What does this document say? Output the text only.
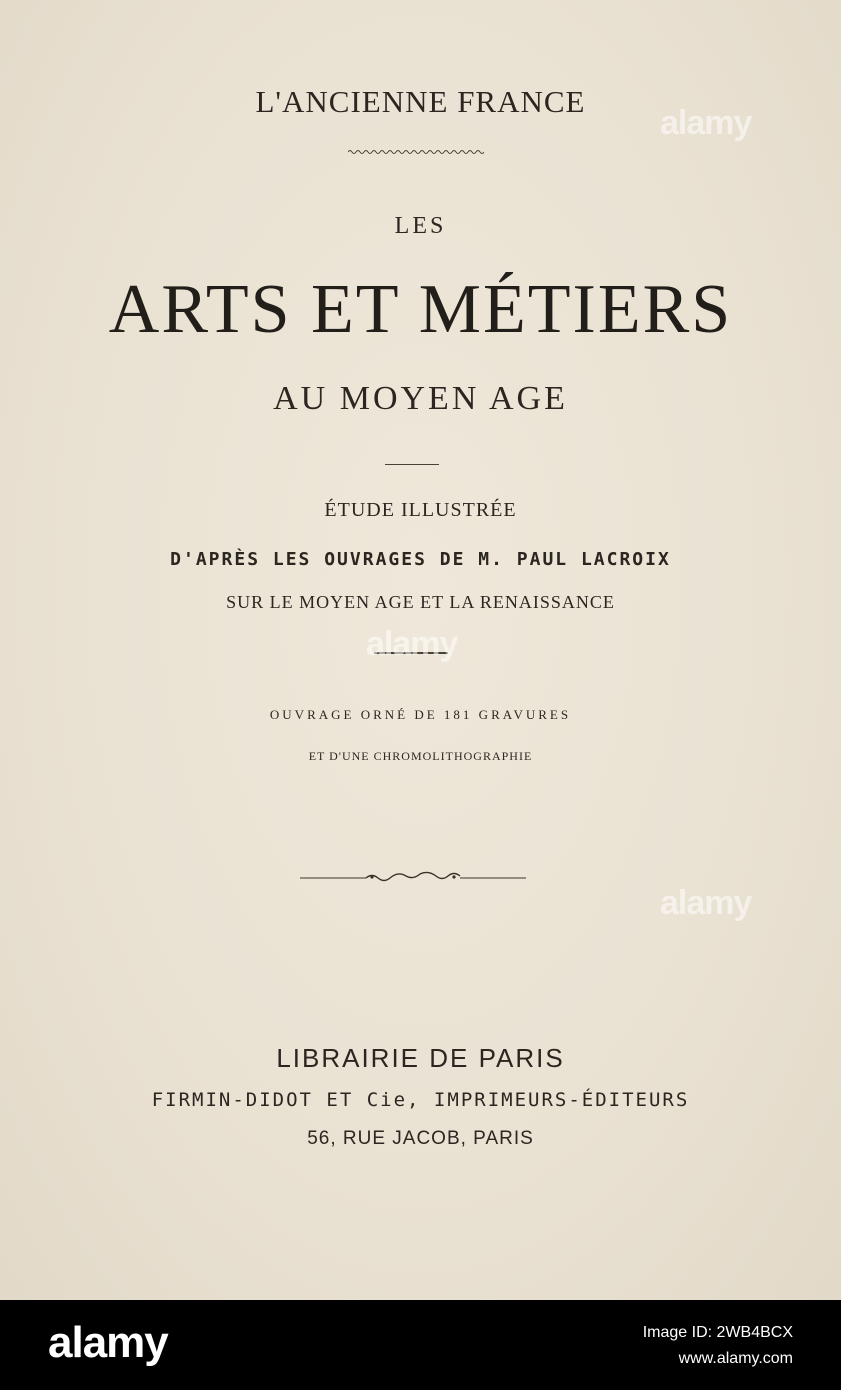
L'ANCIENNE FRANCE
LES
ARTS ET MÉTIERS
AU MOYEN AGE
ÉTUDE ILLUSTRÉE
D'APRÈS LES OUVRAGES DE M. PAUL LACROIX
SUR LE MOYEN AGE ET LA RENAISSANCE
OUVRAGE ORNÉ DE 181 GRAVURES
ET D'UNE CHROMOLITHOGRAPHIE
LIBRAIRIE DE PARIS
FIRMIN-DIDOT ET Cie, IMPRIMEURS-ÉDITEURS
56, RUE JACOB, PARIS
alamy
alamy
alamy
alamy	Image ID: 2WB4BCX
www.alamy.com
